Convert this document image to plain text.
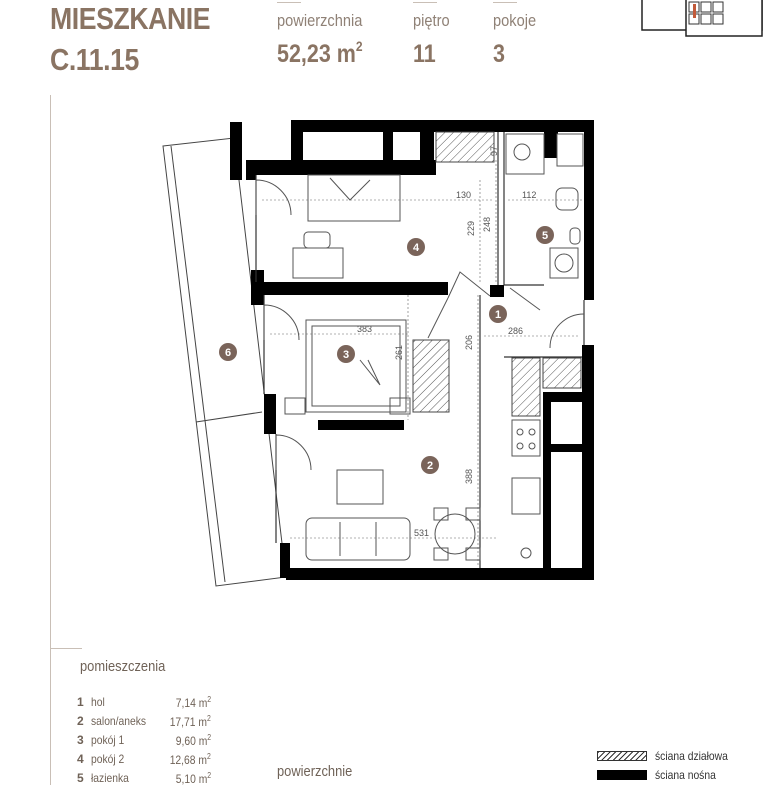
MIESZKANIE
C.11.15
powierzchnia
52,23 $m^2$
piętro
11
pokoje
3
130
229 248
112
97
383
261
206
286
388
531
1
2
3
4
5
6
pomieszczenia
1 hol	7,14 $m^2$
2 salon/aneks 17,71 $m^2$
3 pokój 1	9,60 $m^2$
4 pokój 2	12,68 $m^2$
5 łazienka	5,10 $m^2$	powierzchnie
ściana działowa
ściana nośna
